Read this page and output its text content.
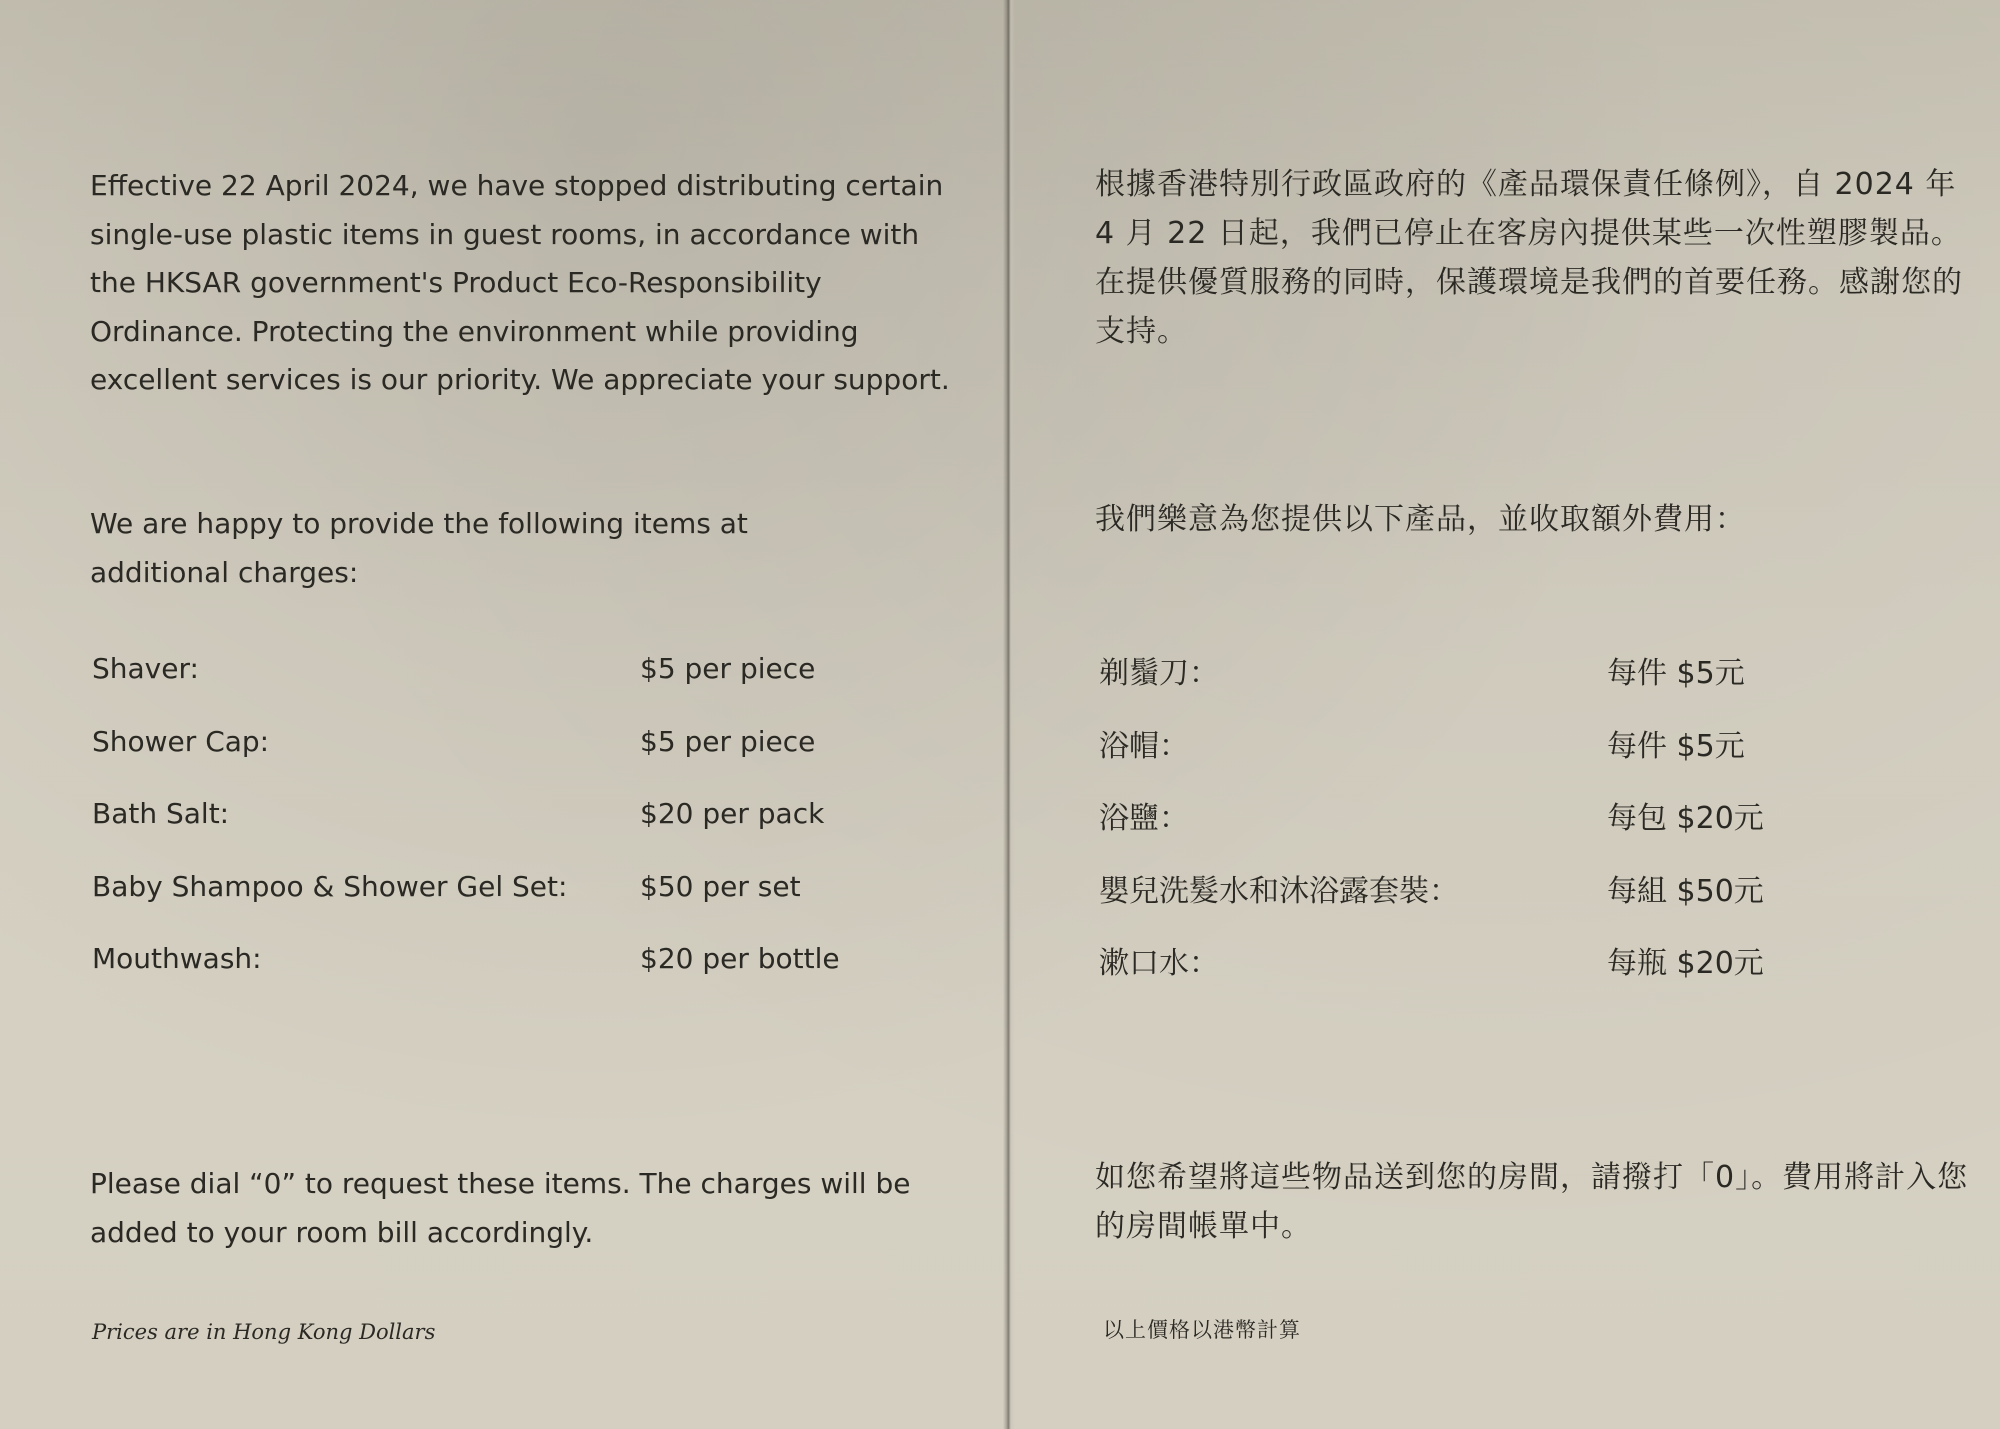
Effective 22 April 2024, we have stopped distributing certain single-use plastic items in guest rooms, in accordance with the HKSAR government's Product Eco-Responsibility Ordinance. Protecting the environment while providing excellent services is our priority. We appreciate your support.

We are happy to provide the following items at additional charges:

Shaver:	$5 per piece
Shower Cap:	$5 per piece
Bath Salt:	$20 per pack
Baby Shampoo & Shower Gel Set:	$50 per set
Mouthwash:	$20 per bottle

Please dial “0” to request these items. The charges will be added to your room bill accordingly.

Prices are in Hong Kong Dollars

根據香港特別行政區政府的《產品環保責任條例》，自 2024 年 4 月 22 日起，我們已停止在客房內提供某些一次性塑膠製品。在提供優質服務的同時，保護環境是我們的首要任務。感謝您的支持。

我們樂意為您提供以下產品，並收取額外費用：

剃鬚刀：	每件 $5元
浴帽：	每件 $5元
浴鹽：	每包 $20元
嬰兒洗髮水和沐浴露套裝：	每組 $50元
漱口水：	每瓶 $20元

如您希望將這些物品送到您的房間，請撥打「0」。費用將計入您的房間帳單中。

以上價格以港幣計算
